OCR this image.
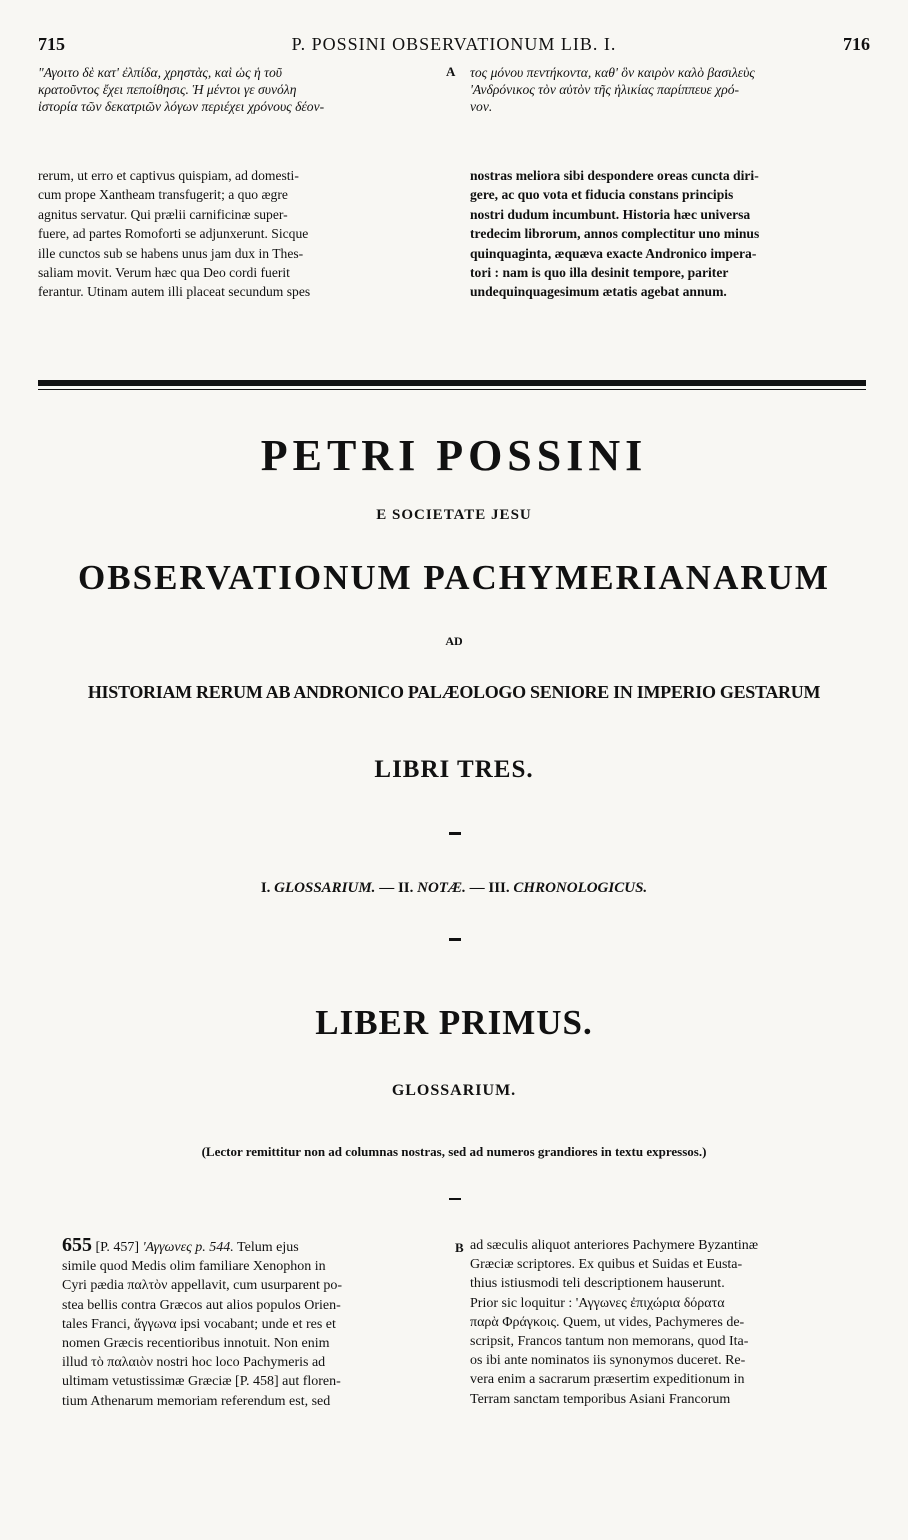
715	P. POSSINI OBSERVATIONUM LIB. I.	716
"Αγοιτο δὲ κατ' ἐλπίδα, χρηστὰς, καὶ ὡς ἡ τοῦ
κρατοῦντος ἔχει πεποίθησις. Ἡ μέντοι γε συνόλη
ἱστορία τῶν δεκατριῶν λόγων περιέχει χρόνους δέον-
A τος μόνου πεντήκοντα, καθ' ὃν καιρὸν καλὸ βασιλεὺς
'Ανδρόνικος τὸν αὐτὸν τῆς ἡλικίας παρίππευε χρό-
νον.
rerum, ut erro et captivus quispiam, ad domesti-
cum prope Xantheam transfugerit; a quo ægre
agnitus servatur. Qui prælii carnificinæ super-
fuere, ad partes Romoforti se adjunxerunt. Sicque
ille cunctos sub se habens unus jam dux in Thes-
saliam movit. Verum hæc qua Deo cordi fuerit
ferantur. Utinam autem illi placeat secundum spes
nostras meliora sibi despondere oreas cuncta diri-
gere, ac quo vota et fiducia constans principis
nostri dudum incumbunt. Historia hæc universa
tredecim librorum, annos complectitur uno minus
quinquaginta, æquæva exacte Andronico impera-
tori : nam is quo illa desinit tempore, pariter
undequinquagesimum ætatis agebat annum.
PETRI POSSINI
E SOCIETATE JESU
OBSERVATIONUM PACHYMERIANARUM
AD
HISTORIAM RERUM AB ANDRONICO PALÆOLOGO SENIORE IN IMPERIO GESTARUM
LIBRI TRES.
I. GLOSSARIUM. — II. NOTÆ. — III. CHRONOLOGICUS.
LIBER PRIMUS.
GLOSSARIUM.
(Lector remittitur non ad columnas nostras, sed ad numeros grandiores in textu expressos.)
655 [P. 457] 'Αγγωνες p. 544. Telum ejus
simile quod Medis olim familiare Xenophon in
Cyri pædia παλτὸν appellavit, cum usurparent po-
stea bellis contra Græcos aut alios populos Orien-
tales Franci, ἄγγωνα ipsi vocabant; unde et res et
nomen Græcis recentioribus innotuit. Non enim
illud τὸ παλαιὸν nostri hoc loco Pachymeris ad
ultimam vetustissimæ Græciæ [P. 458] aut floren-
tium Athenarum memoriam referendum est, sed
B ad sæculis aliquot anteriores Pachymere Byzantinæ
Græciæ scriptores. Ex quibus et Suidas et Eusta-
thius istiusmodi teli descriptionem hauserunt.
Prior sic loquitur : 'Αγγωνες ἐπιχώρια δόρατα
παρὰ Φράγκοις. Quem, ut vides, Pachymeres de-
scripsit, Francos tantum non memorans, quod Ita-
os ibi ante nominatos iis synonymos duceret. Re-
vera enim a sacrarum præsertim expeditionum in
Terram sanctam temporibus Asiani Francorum
